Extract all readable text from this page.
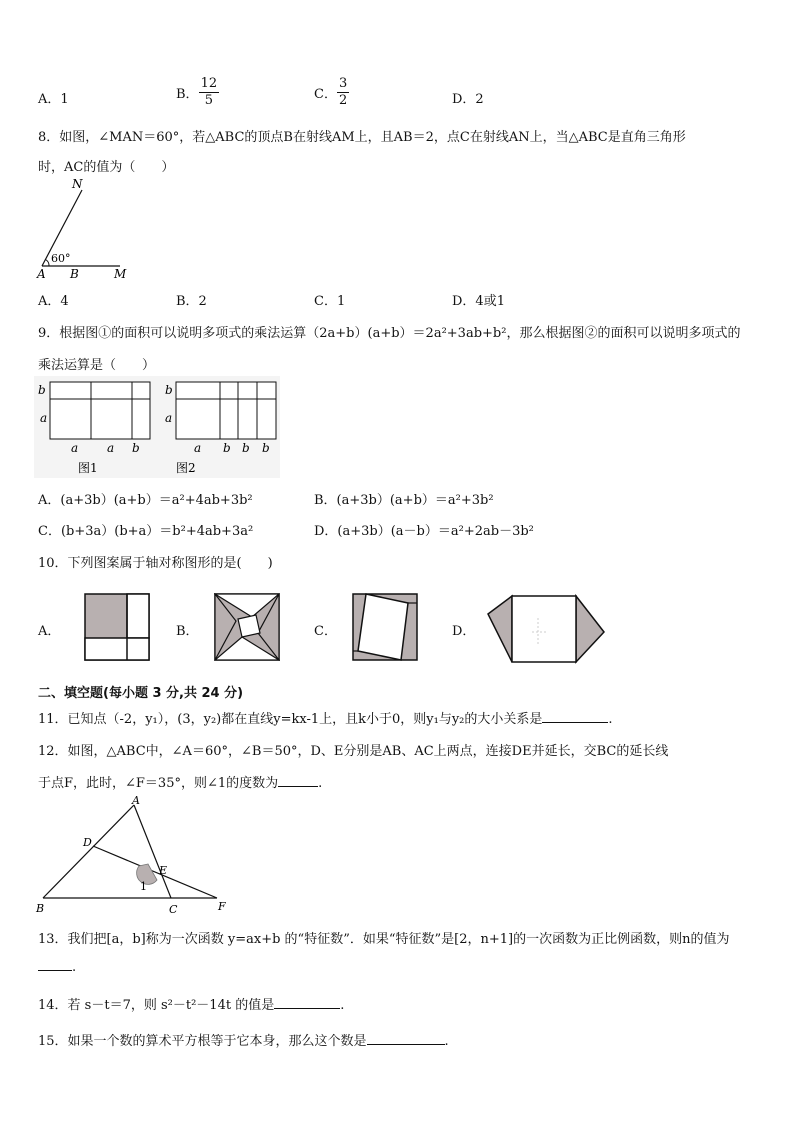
A．1	B． $\frac{12}{5}$	C． $\frac{3}{2}$	D．2
8．如图，∠MAN＝60°，若△ABC的顶点B在射线AM上，且AB＝2，点C在射线AN上，当△ABC是直角三角形
时，AC的值为（　　）
N
60°
A B	M
A．4	B．2	C．1	D．4或1
9．根据图①的面积可以说明多项式的乘法运算（2a+b）(a+b）＝2a²+3ab+b²，那么根据图②的面积可以说明多项式的
乘法运算是（　　）
b
a
a a b
图1
b
a
a b b b
图2
A．(a+3b）(a+b）＝a²+4ab+3b²	B．(a+3b）(a+b）＝a²+3b²
C．(b+3a）(b+a）＝b²+4ab+3a²	D．(a+3b）(a－b）＝a²+2ab－3b²
10．下列图案属于轴对称图形的是(　　)
A．	B．	C．	D．
二、填空题(每小题 3 分,共 24 分)
11．已知点（-2，y₁），(3，y₂)都在直线y=kx-1上，且k小于0，则y₁与y₂的大小关系是	.
12．如图，△ABC中，∠A＝60°，∠B＝50°，D、E分别是AB、AC上两点，连接DE并延长，交BC的延长线
于点F，此时，∠F＝35°，则∠1的度数为	.
A
B	C
D
E
F
1
13．我们把[a，b]称为一次函数 y=ax+b 的“特征数”．如果“特征数”是[2，n+1]的一次函数为正比例函数，则n的值为
.
14．若 s－t＝7，则 s²－t²－14t 的值是	.
15．如果一个数的算术平方根等于它本身，那么这个数是	.
